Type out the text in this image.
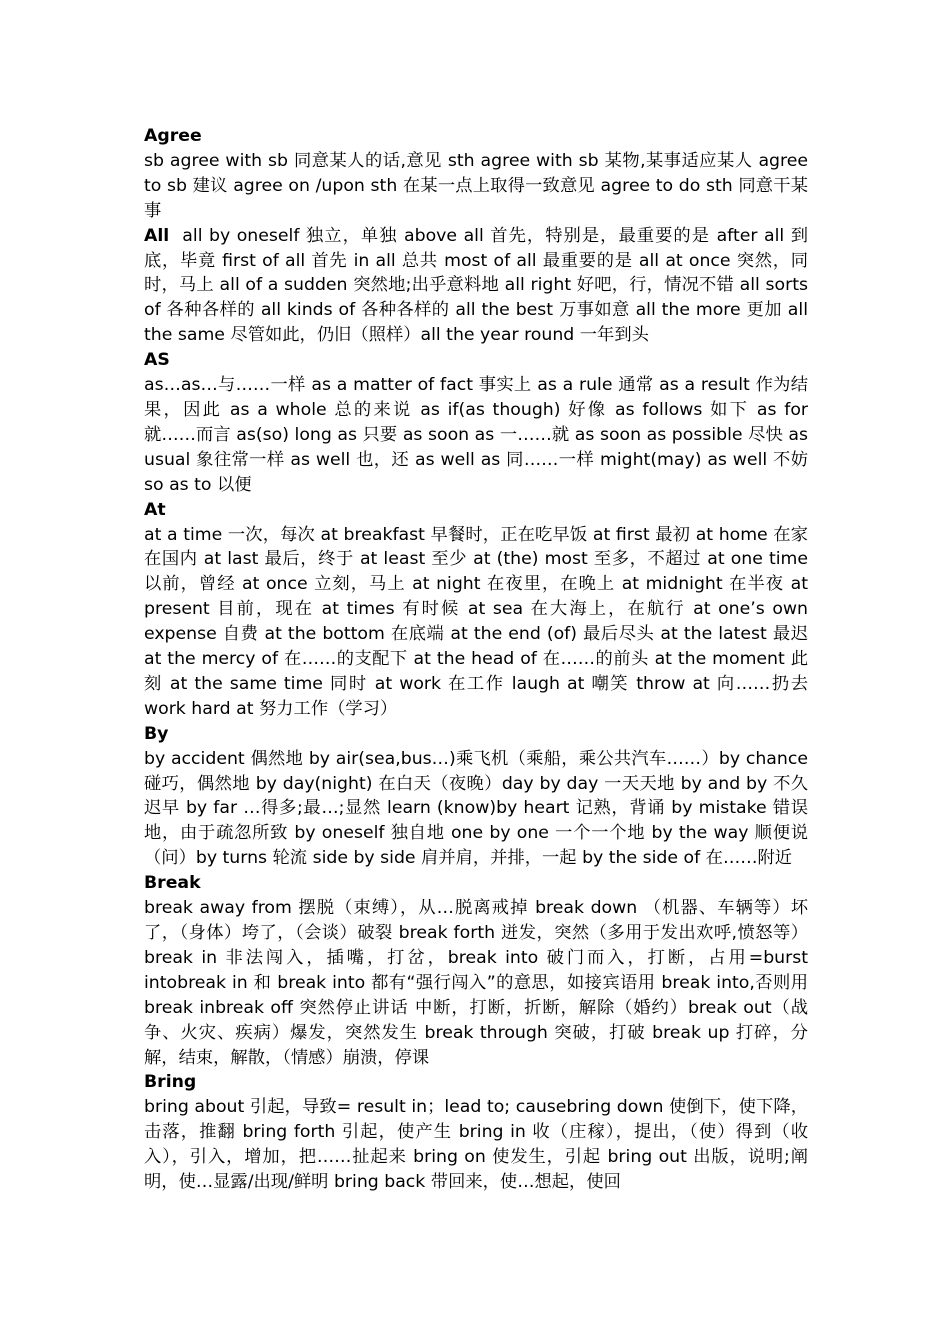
Agree

sb agree with sb 同意某人的话,意见 sth agree with sb 某物,某事适应某人 agree to sb 建议 agree on /upon sth 在某一点上取得一致意见 agree to do sth 同意干某事

All all by oneself 独立，单独 above all 首先，特别是，最重要的是 after all 到底，毕竟 first of all 首先 in all 总共 most of all 最重要的是 all at once 突然，同时，马上 all of a sudden 突然地;出乎意料地 all right 好吧，行，情况不错 all sorts of 各种各样的 all kinds of 各种各样的 all the best 万事如意 all the more 更加 all the same 尽管如此，仍旧（照样）all the year round 一年到头

AS

as…as…与……一样 as a matter of fact 事实上 as a rule 通常 as a result 作为结果，因此 as a whole 总的来说 as if(as though) 好像 as follows 如下 as for 就……而言 as(so) long as 只要 as soon as 一……就 as soon as possible 尽快 as usual 象往常一样 as well 也，还 as well as 同……一样 might(may) as well 不妨 so as to 以便

At

at a time 一次，每次 at breakfast 早餐时，正在吃早饭 at first 最初 at home 在家在国内 at last 最后，终于 at least 至少 at (the) most 至多，不超过 at one time 以前，曾经 at once 立刻，马上 at night 在夜里，在晚上 at midnight 在半夜 at present 目前，现在 at times 有时候 at sea 在大海上，在航行 at one’s own expense 自费 at the bottom 在底端 at the end (of) 最后尽头 at the latest 最迟 at the mercy of 在……的支配下 at the head of 在……的前头 at the moment 此刻 at the same time 同时 at work 在工作 laugh at 嘲笑 throw at 向……扔去 work hard at 努力工作（学习）

By

by accident 偶然地 by air(sea,bus…)乘飞机（乘船，乘公共汽车……）by chance 碰巧，偶然地 by day(night) 在白天（夜晚）day by day 一天天地 by and by 不久迟早 by far …得多;最…;显然 learn (know)by heart 记熟，背诵 by mistake 错误地，由于疏忽所致 by oneself 独自地 one by one 一个一个地 by the way 顺便说（问）by turns 轮流 side by side 肩并肩，并排，一起 by the side of 在……附近

Break

break away from 摆脱（束缚），从…脱离戒掉 break down （机器、车辆等）坏了，（身体）垮了，（会谈）破裂 break forth 迸发，突然（多用于发出欢呼,愤怒等）break in 非法闯入，插嘴，打岔，break into 破门而入，打断，占用=burst intobreak in 和 break into 都有“强行闯入”的意思，如接宾语用 break into,否则用 break inbreak off 突然停止讲话 中断，打断，折断，解除（婚约）break out（战争、火灾、疾病）爆发，突然发生 break through 突破，打破 break up 打碎，分解，结束，解散，（情感）崩溃，停课

Bring

bring about 引起，导致= result in；lead to; causebring down 使倒下，使下降，击落，推翻 bring forth 引起，使产生 bring in 收（庄稼），提出，（使）得到（收入），引入，增加，把……扯起来 bring on 使发生，引起 bring out 出版，说明;阐明，使…显露/出现/鲜明 bring back 带回来，使…想起，使回
